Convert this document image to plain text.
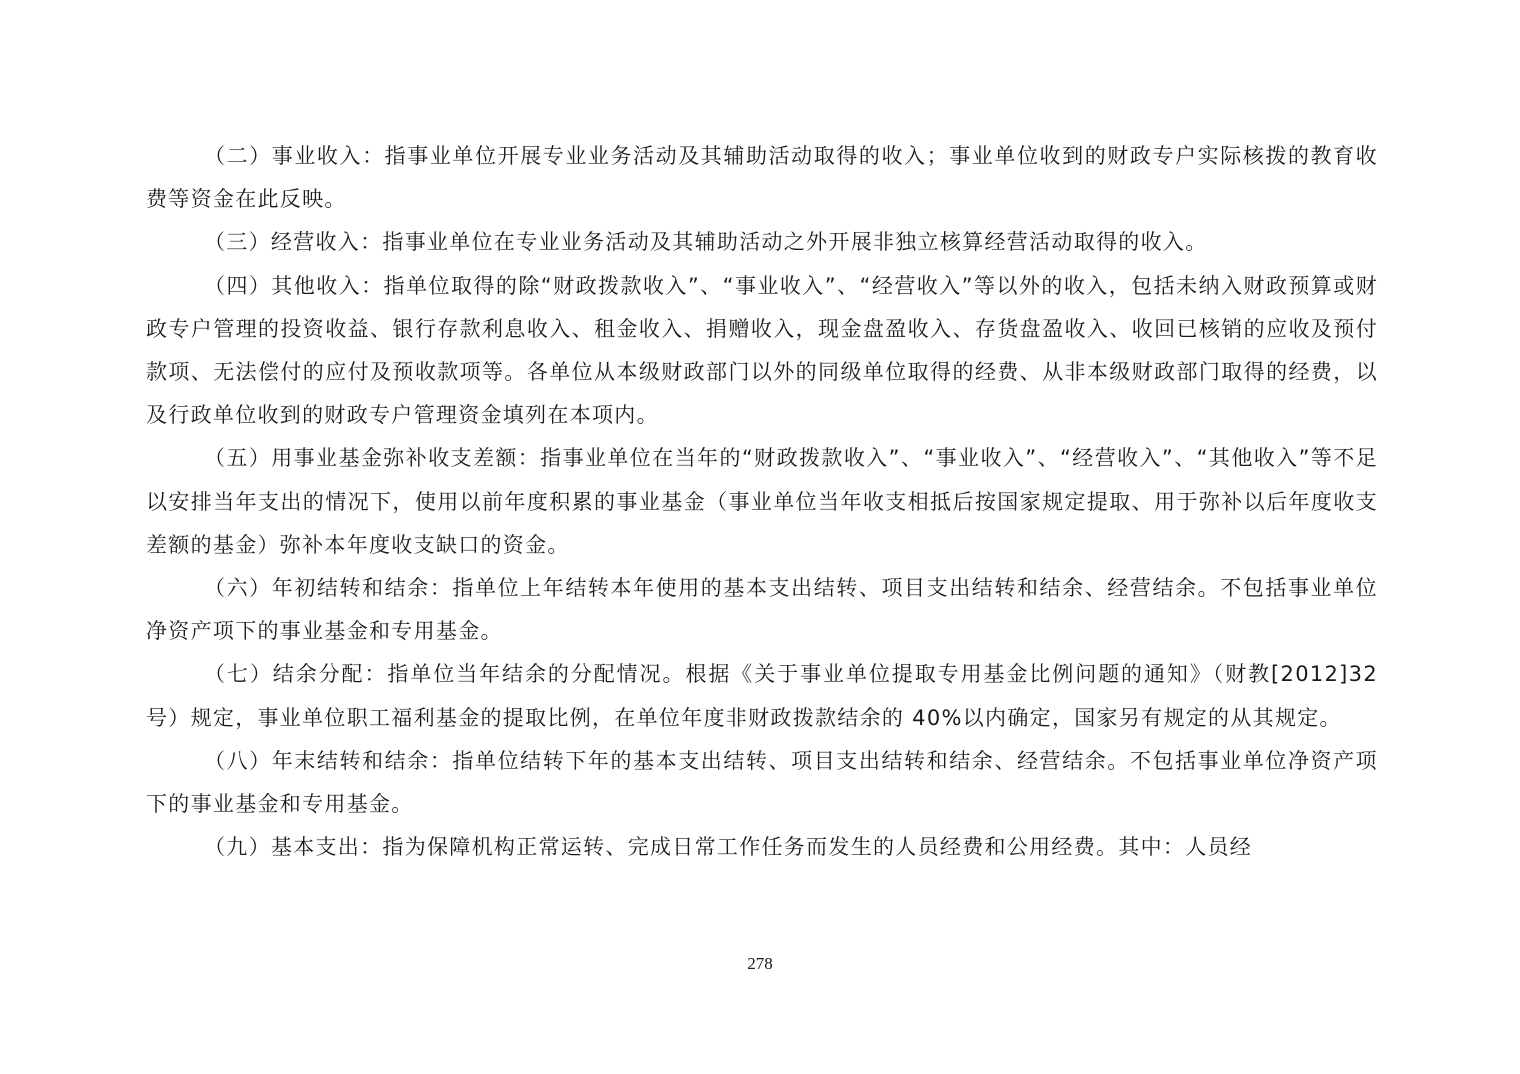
（二）事业收入：指事业单位开展专业业务活动及其辅助活动取得的收入；事业单位收到的财政专户实际核拨的教育收费等资金在此反映。

（三）经营收入：指事业单位在专业业务活动及其辅助活动之外开展非独立核算经营活动取得的收入。

（四）其他收入：指单位取得的除“财政拨款收入”、“事业收入”、“经营收入”等以外的收入，包括未纳入财政预算或财政专户管理的投资收益、银行存款利息收入、租金收入、捐赠收入，现金盘盈收入、存货盘盈收入、收回已核销的应收及预付款项、无法偿付的应付及预收款项等。各单位从本级财政部门以外的同级单位取得的经费、从非本级财政部门取得的经费，以及行政单位收到的财政专户管理资金填列在本项内。

（五）用事业基金弥补收支差额：指事业单位在当年的“财政拨款收入”、“事业收入”、“经营收入”、“其他收入”等不足以安排当年支出的情况下，使用以前年度积累的事业基金（事业单位当年收支相抵后按国家规定提取、用于弥补以后年度收支差额的基金）弥补本年度收支缺口的资金。

（六）年初结转和结余：指单位上年结转本年使用的基本支出结转、项目支出结转和结余、经营结余。不包括事业单位净资产项下的事业基金和专用基金。

（七）结余分配：指单位当年结余的分配情况。根据《关于事业单位提取专用基金比例问题的通知》（财教[2012]32 号）规定，事业单位职工福利基金的提取比例，在单位年度非财政拨款结余的 40%以内确定，国家另有规定的从其规定。

（八）年末结转和结余：指单位结转下年的基本支出结转、项目支出结转和结余、经营结余。不包括事业单位净资产项下的事业基金和专用基金。

（九）基本支出：指为保障机构正常运转、完成日常工作任务而发生的人员经费和公用经费。其中：人员经

278
